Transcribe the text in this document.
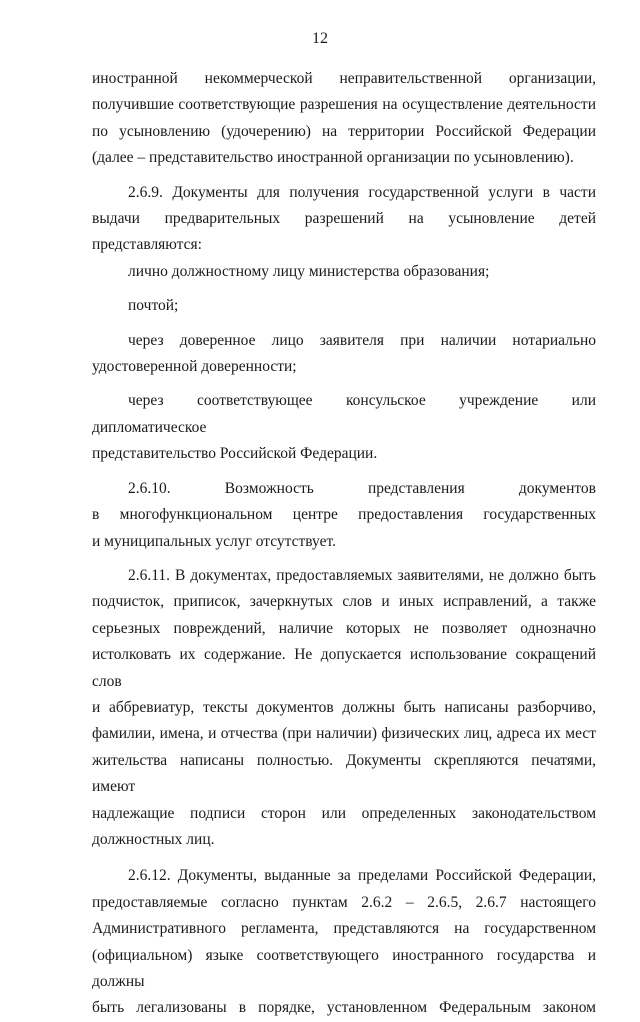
12

иностранной некоммерческой неправительственной организации,

получившие соответствующие разрешения на осуществление деятельности

по усыновлению (удочерению) на территории Российской Федерации

(далее – представительство иностранной организации по усыновлению).

2.6.9. Документы для получения государственной услуги в части

выдачи предварительных разрешений на усыновление детей представляются:

лично должностному лицу министерства образования;

почтой;

через доверенное лицо заявителя при наличии нотариально

удостоверенной доверенности;

через соответствующее консульское учреждение или дипломатическое

представительство Российской Федерации.

2.6.10. Возможность представления документов

в многофункциональном центре предоставления государственных

и муниципальных услуг отсутствует.

2.6.11. В документах, предоставляемых заявителями, не должно быть

подчисток, приписок, зачеркнутых слов и иных исправлений, а также

серьезных повреждений, наличие которых не позволяет однозначно

истолковать их содержание. Не допускается использование сокращений слов

и аббревиатур, тексты документов должны быть написаны разборчиво,

фамилии, имена, и отчества (при наличии) физических лиц, адреса их мест

жительства написаны полностью. Документы скрепляются печатями, имеют

надлежащие подписи сторон или определенных законодательством

должностных лиц.

2.6.12. Документы, выданные за пределами Российской Федерации,

предоставляемые согласно пунктам 2.6.2 – 2.6.5, 2.6.7 настоящего

Административного регламента, представляются на государственном

(официальном) языке соответствующего иностранного государства и должны

быть легализованы в порядке, установленном Федеральным законом
